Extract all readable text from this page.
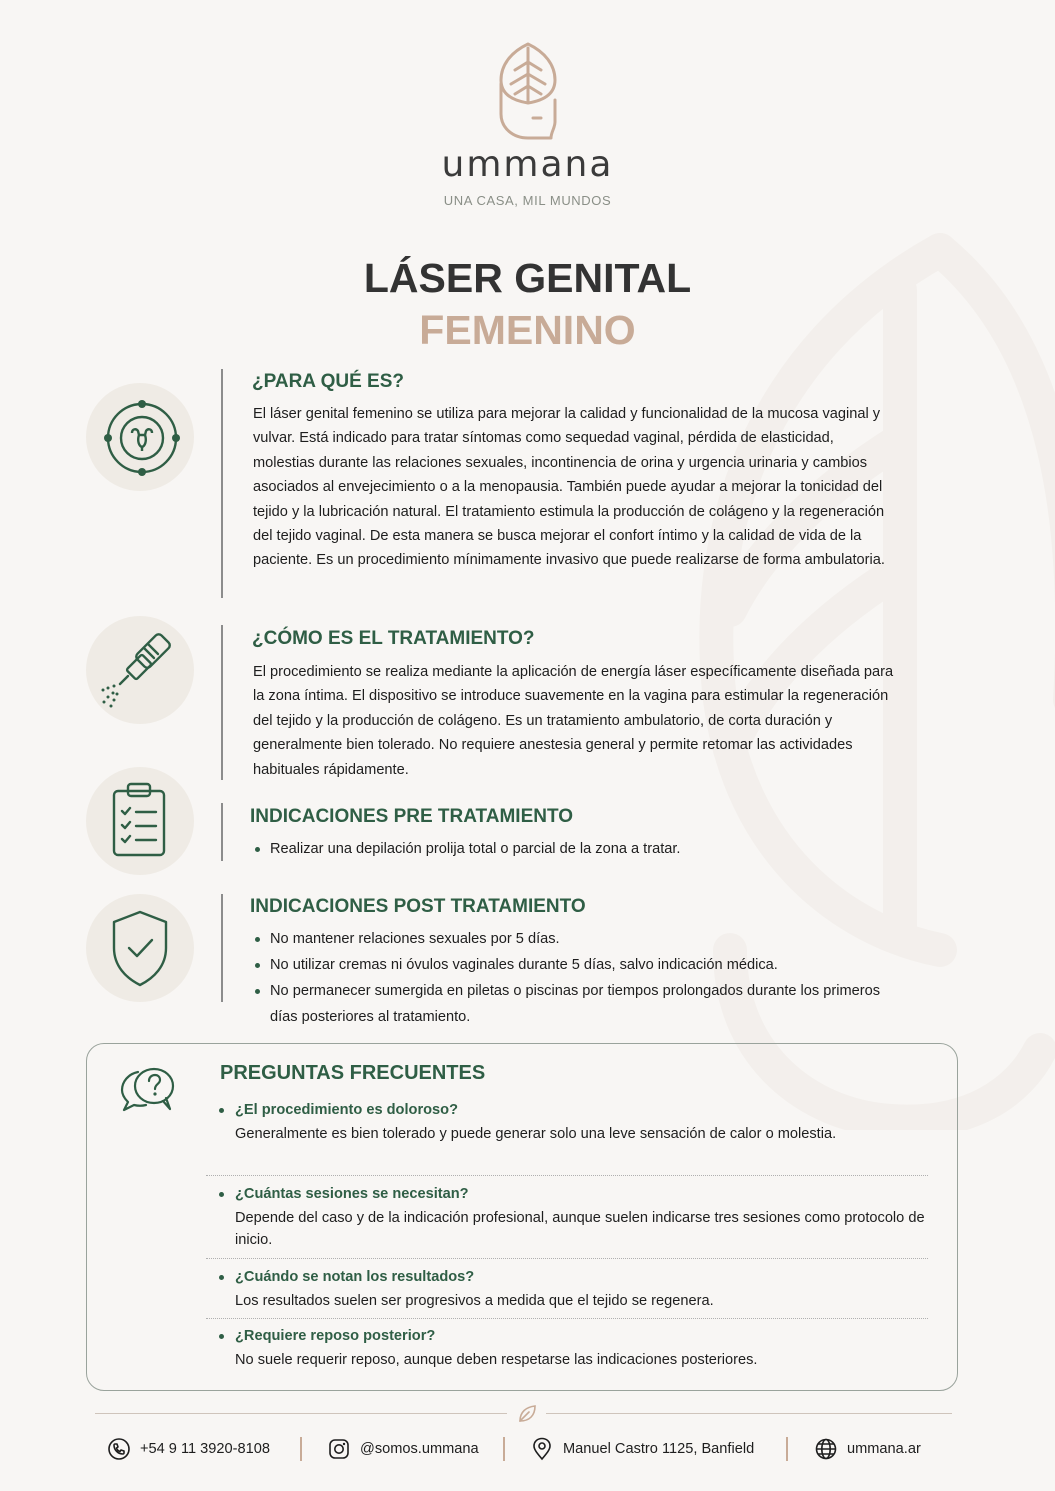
ummana
UNA CASA, MIL MUNDOS
LÁSER GENITAL
FEMENINO
¿PARA QUÉ ES?
El láser genital femenino se utiliza para mejorar la calidad y funcionalidad de la mucosa vaginal y vulvar. Está indicado para tratar síntomas como sequedad vaginal, pérdida de elasticidad, molestias durante las relaciones sexuales, incontinencia de orina y urgencia urinaria y cambios asociados al envejecimiento o a la menopausia. También puede ayudar a mejorar la tonicidad del tejido y la lubricación natural. El tratamiento estimula la producción de colágeno y la regeneración del tejido vaginal. De esta manera se busca mejorar el confort íntimo y la calidad de vida de la paciente. Es un procedimiento mínimamente invasivo que puede realizarse de forma ambulatoria.
¿CÓMO ES EL TRATAMIENTO?
El procedimiento se realiza mediante la aplicación de energía láser específicamente diseñada para la zona íntima. El dispositivo se introduce suavemente en la vagina para estimular la regeneración del tejido y la producción de colágeno. Es un tratamiento ambulatorio, de corta duración y generalmente bien tolerado. No requiere anestesia general y permite retomar las actividades habituales rápidamente.
INDICACIONES PRE TRATAMIENTO
Realizar una depilación prolija total o parcial de la zona a tratar.
INDICACIONES POST TRATAMIENTO
No mantener relaciones sexuales por 5 días.
No utilizar cremas ni óvulos vaginales durante 5 días, salvo indicación médica.
No permanecer sumergida en piletas o piscinas por tiempos prolongados durante los primeros días posteriores al tratamiento.
PREGUNTAS FRECUENTES
¿El procedimiento es doloroso?
Generalmente es bien tolerado y puede generar solo una leve sensación de calor o molestia.
¿Cuántas sesiones se necesitan?
Depende del caso y de la indicación profesional, aunque suelen indicarse tres sesiones como protocolo de inicio.
¿Cuándo se notan los resultados?
Los resultados suelen ser progresivos a medida que el tejido se regenera.
¿Requiere reposo posterior?
No suele requerir reposo, aunque deben respetarse las indicaciones posteriores.
+54 9 11 3920-8108	@somos.ummana	Manuel Castro 1125, Banfield	ummana.ar
